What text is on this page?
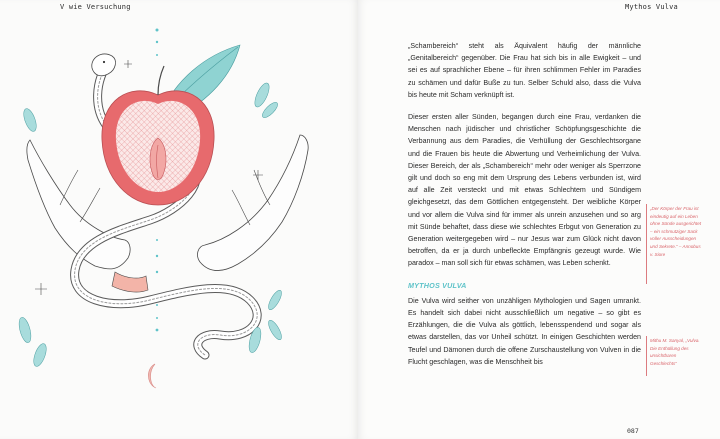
V wie Versuchung	Mythos Vulva

„Schambereich“ steht als Äquivalent häufig der männliche „Genitalbereich“ gegenüber. Die Frau hat sich bis in alle Ewigkeit – und sei es auf sprachlicher Ebene – für ihren schlimmen Fehler im Paradies zu schämen und dafür Buße zu tun. Selber Schuld also, dass die Vulva bis heute mit Scham verknüpft ist.

Dieser ersten aller Sünden, begangen durch eine Frau, verdanken die Menschen nach jüdischer und christlicher Schöpfungsgeschichte die Verbannung aus dem Paradies, die Verhüllung der Geschlechtsorgane und die Frauen bis heute die Abwertung und Verheimlichung der Vulva. Dieser Bereich, der als „Schambereich“ mehr oder weniger als Sperrzone gilt und doch so eng mit dem Ursprung des Lebens verbunden ist, wird auf alle Zeit versteckt und mit etwas Schlechtem und Sündigem gleichgesetzt, das dem Göttlichen entgegensteht. Der weibliche Körper und vor allem die Vulva sind für immer als unrein anzusehen und so arg mit Sünde behaftet, dass diese wie schlechtes Erbgut von Generation zu Generation weitergegeben wird – nur Jesus war zum Glück nicht davon betroffen, da er ja durch unbefleckte Empfängnis gezeugt wurde. Wie paradox – man soll sich für etwas schämen, was Leben schenkt.

MYTHOS VULVA

Die Vulva wird seither von unzähligen Mythologien und Sagen umrankt. Es handelt sich dabei nicht ausschließlich um negative – so gibt es Erzählungen, die die Vulva als göttlich, lebensspendend und sogar als etwas darstellen, das vor Unheil schützt. In einigen Geschichten werden Teufel und Dämonen durch die offene Zurschaustellung von Vulven in die Flucht geschlagen, was die Menschheit bis

„Der Körper der Frau ist eindeutig auf ein Leben ohne Sünde ausgerichtet – ein schmutziger Sack voller Ausscheidungen und Sekrete.“ – Annobus v. Siore
Mithu M. Sanyal, „Vulva. Die Enthüllung des unsichtbaren Geschlechts“
087
